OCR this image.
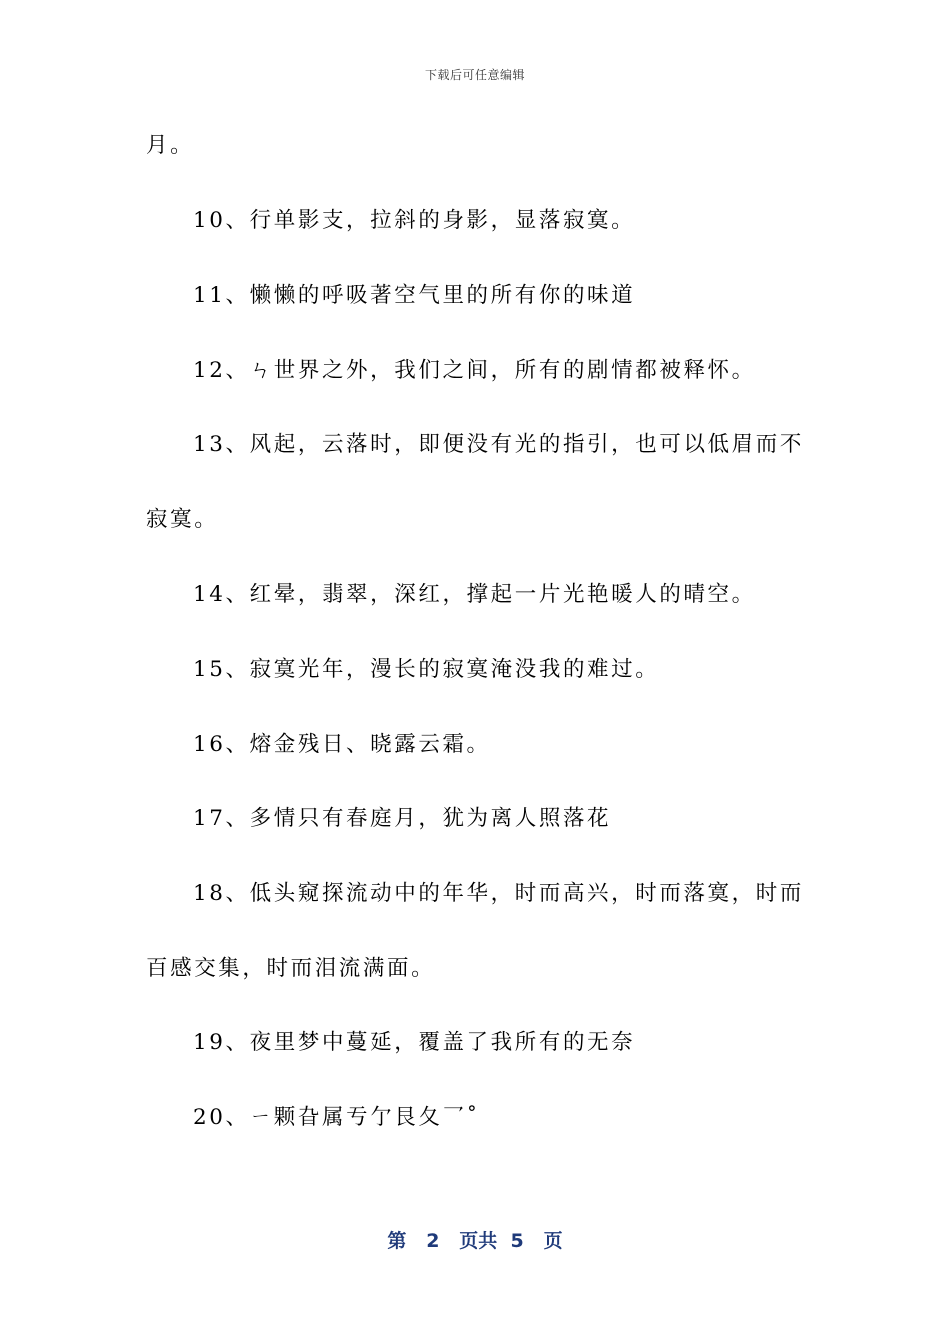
下载后可任意编辑
月。
10、行单影支，拉斜的身影，显落寂寞。
11、懒懒的呼吸著空气里的所有你的味道
12、ㄣ世界之外，我们之间，所有的剧情都被释怀。
13、风起，云落时，即便没有光的指引，也可以低眉而不
寂寞。
14、红晕，翡翠，深红，撑起一片光艳暖人的晴空。
15、寂寞光年，漫长的寂寞淹没我的难过。
16、熔金残日、晓露云霜。
17、多情只有春庭月，犹为离人照落花
18、低头窥探流动中的年华，时而高兴，时而落寞，时而
百感交集，时而泪流满面。
19、夜里梦中蔓延，覆盖了我所有的无奈
20、ㄧ颗旮属亐亇艮夂乛˚
第 2 页共 5 页
